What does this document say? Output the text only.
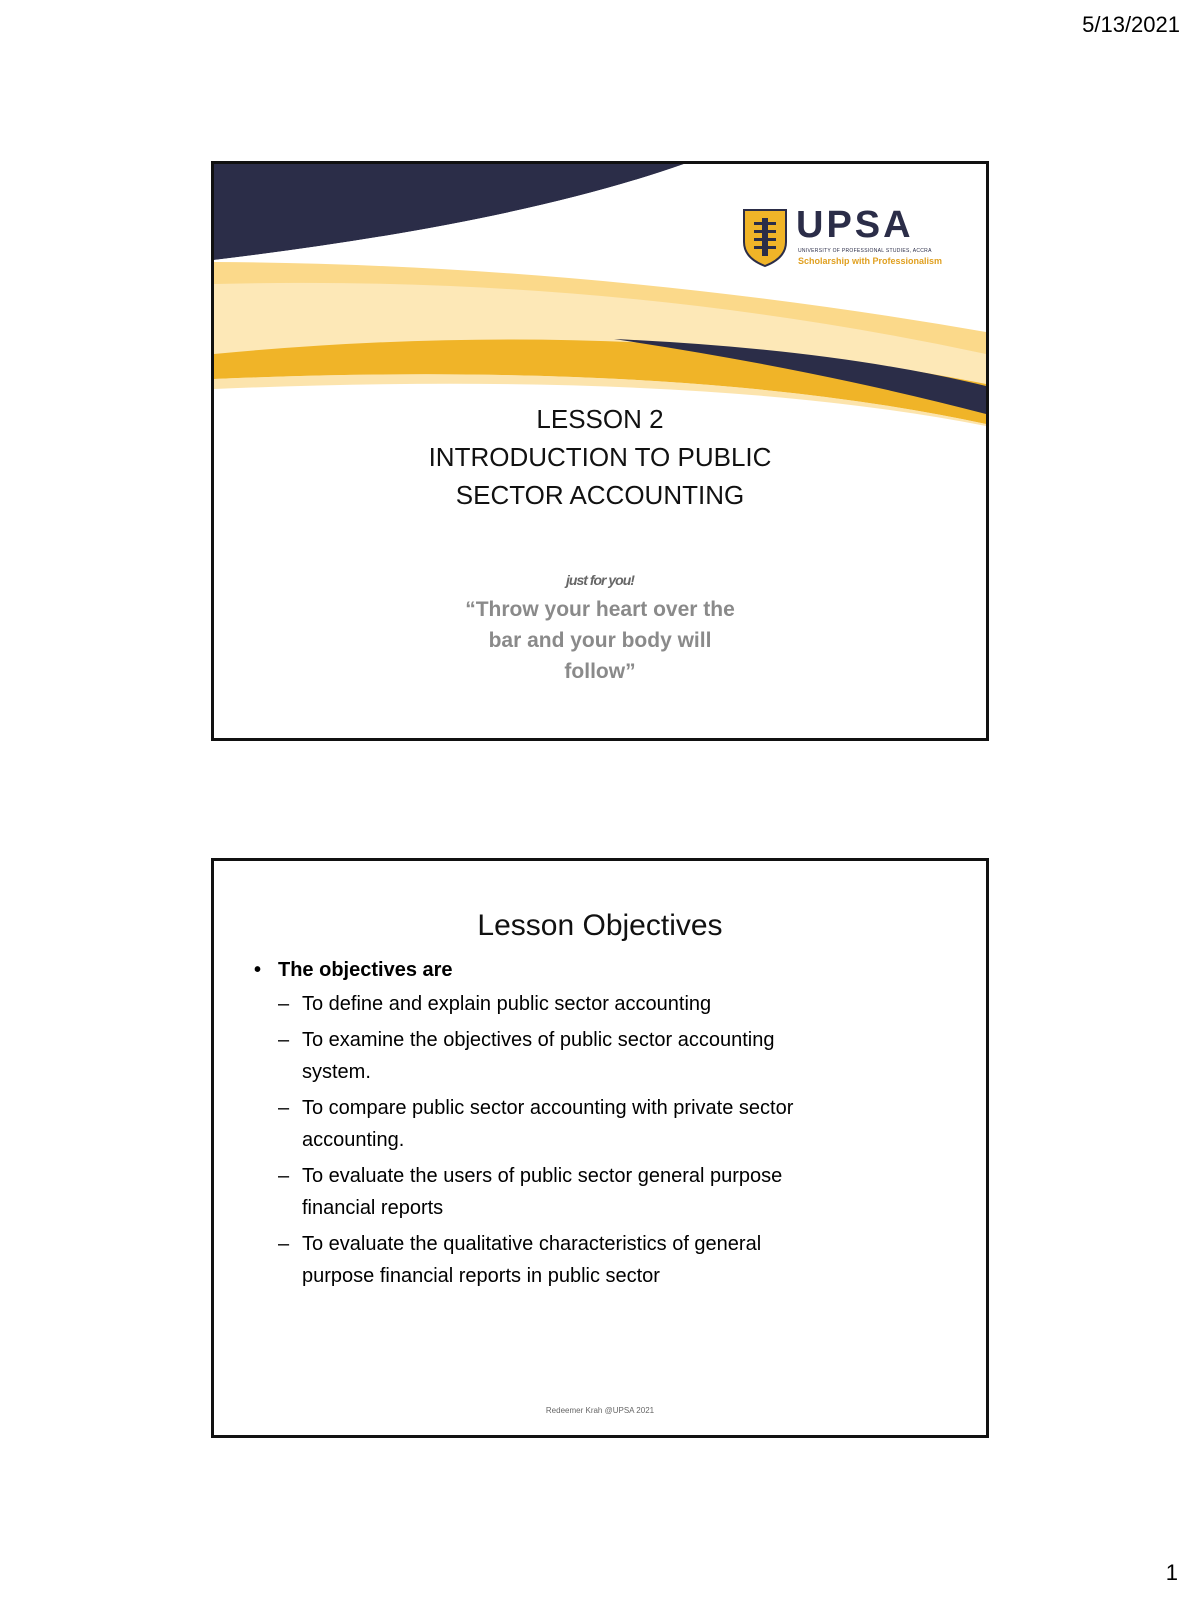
5/13/2021
UPSA
UNIVERSITY OF PROFESSIONAL STUDIES, ACCRA
Scholarship with Professionalism
LESSON 2
INTRODUCTION TO PUBLIC
SECTOR ACCOUNTING
just for you!
“Throw your heart over the
bar and your body will
follow”
Lesson Objectives
• The objectives are
– To define and explain public sector accounting
– To examine the objectives of public sector accounting
system.
– To compare public sector accounting with private sector
accounting.
– To evaluate the users of public sector general purpose
financial reports
– To evaluate the qualitative characteristics of general
purpose financial reports in public sector
Redeemer Krah @UPSA 2021
1
